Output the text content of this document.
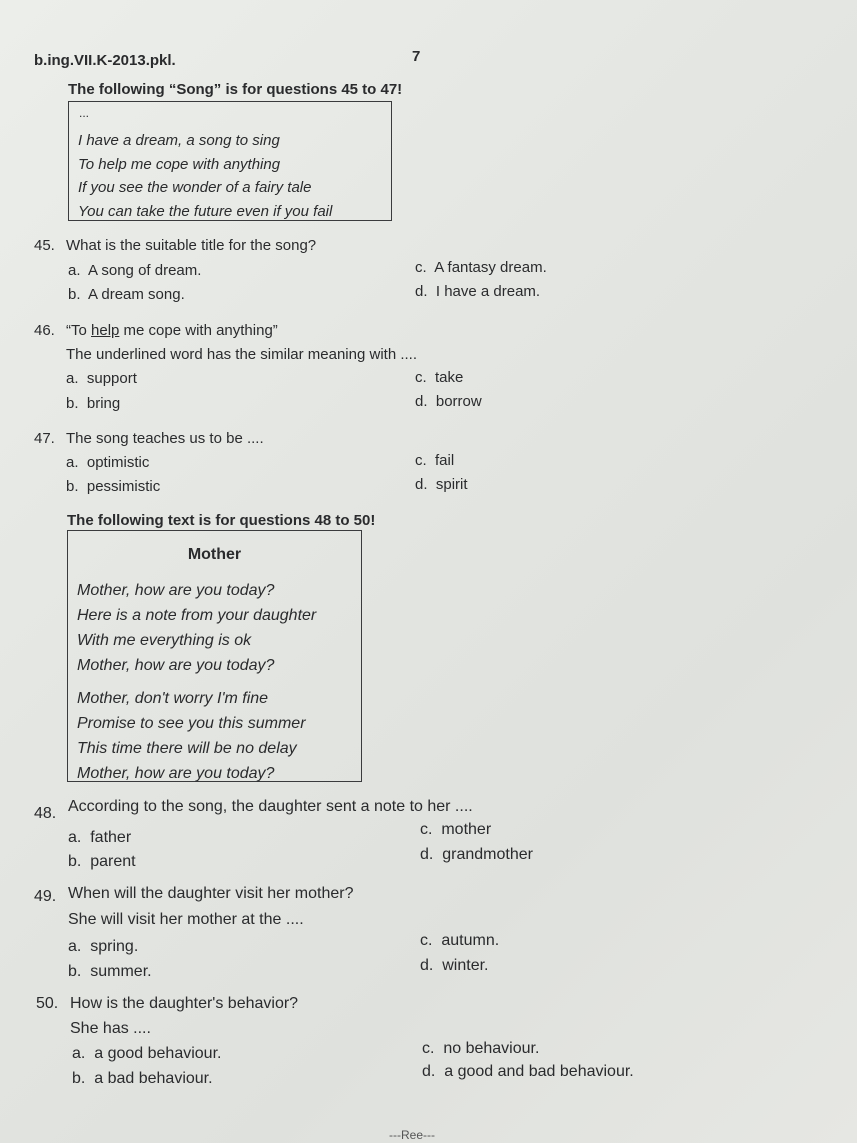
b.ing.VII.K-2013.pkl.	7
The following “Song” is for questions 45 to 47!
...
I have a dream, a song to sing
To help me cope with anything
If you see the wonder of a fairy tale
You can take the future even if you fail
45. What is the suitable title for the song?
a. A song of dream.
b. A dream song.
c. A fantasy dream.
d. I have a dream.
46. “To help me cope with anything”
The underlined word has the similar meaning with ....
a. support
b. bring
c. take
d. borrow
47. The song teaches us to be ....
a. optimistic
b. pessimistic
c. fail
d. spirit
The following text is for questions 48 to 50!
Mother
Mother, how are you today?
Here is a note from your daughter
With me everything is ok
Mother, how are you today?
Mother, don't worry I'm fine
Promise to see you this summer
This time there will be no delay
Mother, how are you today?
48. According to the song, the daughter sent a note to her ....
a. father
b. parent
c. mother
d. grandmother
49. When will the daughter visit her mother?
She will visit her mother at the ....
a. spring.
b. summer.
c. autumn.
d. winter.
50. How is the daughter's behavior?
She has ....
a. a good behaviour.
b. a bad behaviour.
c. no behaviour.
d. a good and bad behaviour.
---Ree---
